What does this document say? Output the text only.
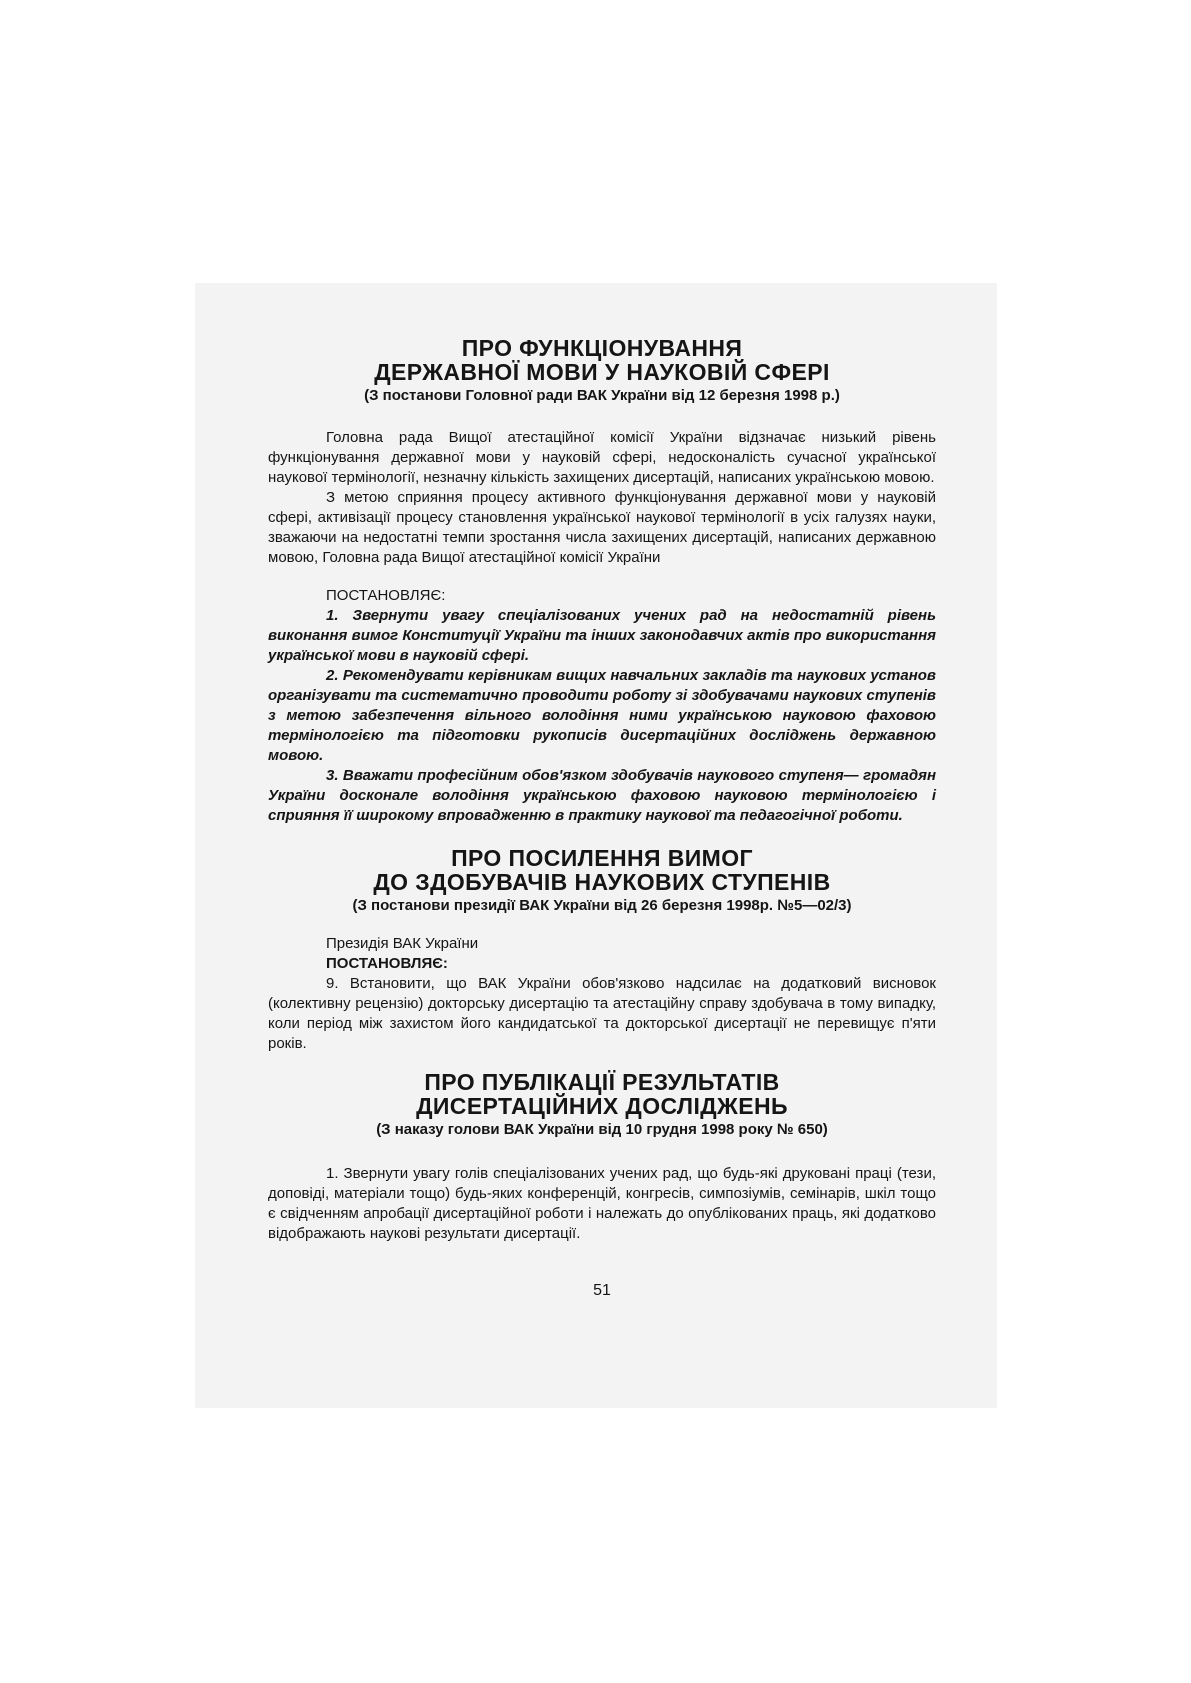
ПРО ФУНКЦІОНУВАННЯ
ДЕРЖАВНОЇ МОВИ У НАУКОВІЙ СФЕРІ

(З постанови Головної ради ВАК України від 12 березня 1998 р.)

Головна рада Вищої атестаційної комісії України відзначає низький рівень функціонування державної мови у науковій сфері, недосконалість сучасної української наукової термінології, незначну кількість захищених дисертацій, написаних українською мовою.

З метою сприяння процесу активного функціонування державної мови у науковій сфері, активізації процесу становлення української наукової термінології в усіх галузях науки, зважаючи на недостатні темпи зростання числа захищених дисертацій, написаних державною мовою, Головна рада Вищої атестаційної комісії України

ПОСТАНОВЛЯЄ:

1. Звернути увагу спеціалізованих учених рад на недостатній рівень виконання вимог Конституції України та інших законодавчих актів про використання української мови в науковій сфері.

2. Рекомендувати керівникам вищих навчальних закладів та наукових установ організувати та систематично проводити роботу зі здобувачами наукових ступенів з метою забезпечення вільного володіння ними українською науковою фаховою термінологією та підготовки рукописів дисертаційних досліджень державною мовою.

3. Вважати професійним обов'язком здобувачів наукового ступеня— громадян України досконале володіння українською фаховою науковою термінологією і сприяння її широкому впровадженню в практику наукової та педагогічної роботи.

ПРО ПОСИЛЕННЯ ВИМОГ
ДО ЗДОБУВАЧІВ НАУКОВИХ СТУПЕНІВ

(З постанови президії ВАК України від 26 березня 1998р. №5—02/3)

Президія ВАК України

ПОСТАНОВЛЯЄ:

9. Встановити, що ВАК України обов'язково надсилає на додатковий висновок (колективну рецензію) докторську дисертацію та атестаційну справу здобувача в тому випадку, коли період між захистом його кандидатської та докторської дисертації не перевищує п'яти років.

ПРО ПУБЛІКАЦІЇ РЕЗУЛЬТАТІВ
ДИСЕРТАЦІЙНИХ ДОСЛІДЖЕНЬ

(З наказу голови ВАК України від 10 грудня 1998 року № 650)

1. Звернути увагу голів спеціалізованих учених рад, що будь-які друковані праці (тези, доповіді, матеріали тощо) будь-яких конференцій, конгресів, симпозіумів, семінарів, шкіл тощо є свідченням апробації дисертаційної роботи і належать до опублікованих праць, які додатково відображають наукові результати дисертації.

51
